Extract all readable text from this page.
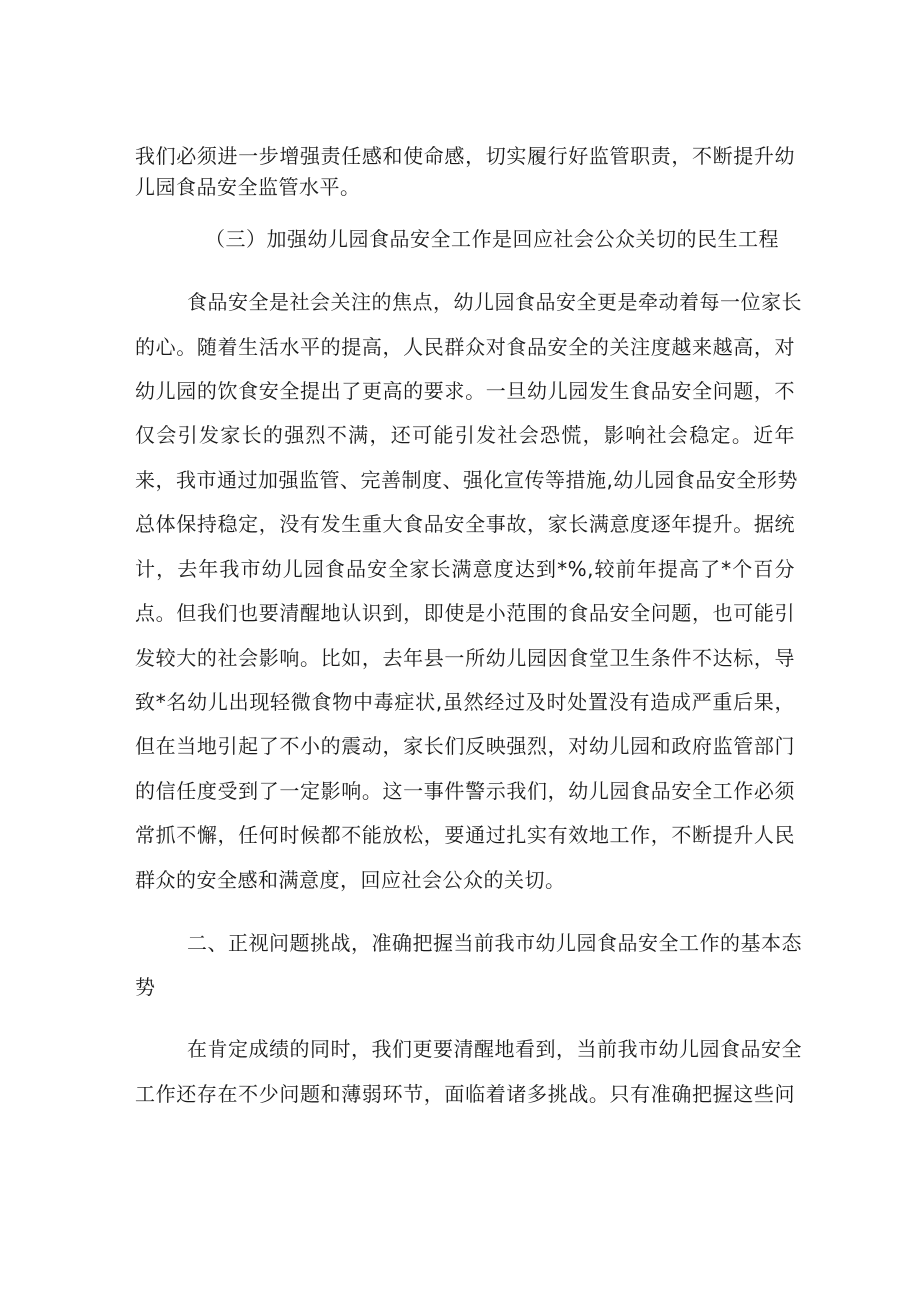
我们必须进一步增强责任感和使命感，切实履行好监管职责，不断提升幼
儿园食品安全监管水平。
（三）加强幼儿园食品安全工作是回应社会公众关切的民生工程
食品安全是社会关注的焦点，幼儿园食品安全更是牵动着每一位家长
的心。随着生活水平的提高，人民群众对食品安全的关注度越来越高，对
幼儿园的饮食安全提出了更高的要求。一旦幼儿园发生食品安全问题，不
仅会引发家长的强烈不满，还可能引发社会恐慌，影响社会稳定。近年
来，我市通过加强监管、完善制度、强化宣传等措施,幼儿园食品安全形势
总体保持稳定，没有发生重大食品安全事故，家长满意度逐年提升。据统
计，去年我市幼儿园食品安全家长满意度达到*%,较前年提高了*个百分
点。但我们也要清醒地认识到，即使是小范围的食品安全问题，也可能引
发较大的社会影响。比如，去年县一所幼儿园因食堂卫生条件不达标，导
致*名幼儿出现轻微食物中毒症状,虽然经过及时处置没有造成严重后果，
但在当地引起了不小的震动，家长们反映强烈，对幼儿园和政府监管部门
的信任度受到了一定影响。这一事件警示我们，幼儿园食品安全工作必须
常抓不懈，任何时候都不能放松，要通过扎实有效地工作，不断提升人民
群众的安全感和满意度，回应社会公众的关切。
二、正视问题挑战，准确把握当前我市幼儿园食品安全工作的基本态
势
在肯定成绩的同时，我们更要清醒地看到，当前我市幼儿园食品安全
工作还存在不少问题和薄弱环节，面临着诸多挑战。只有准确把握这些问
